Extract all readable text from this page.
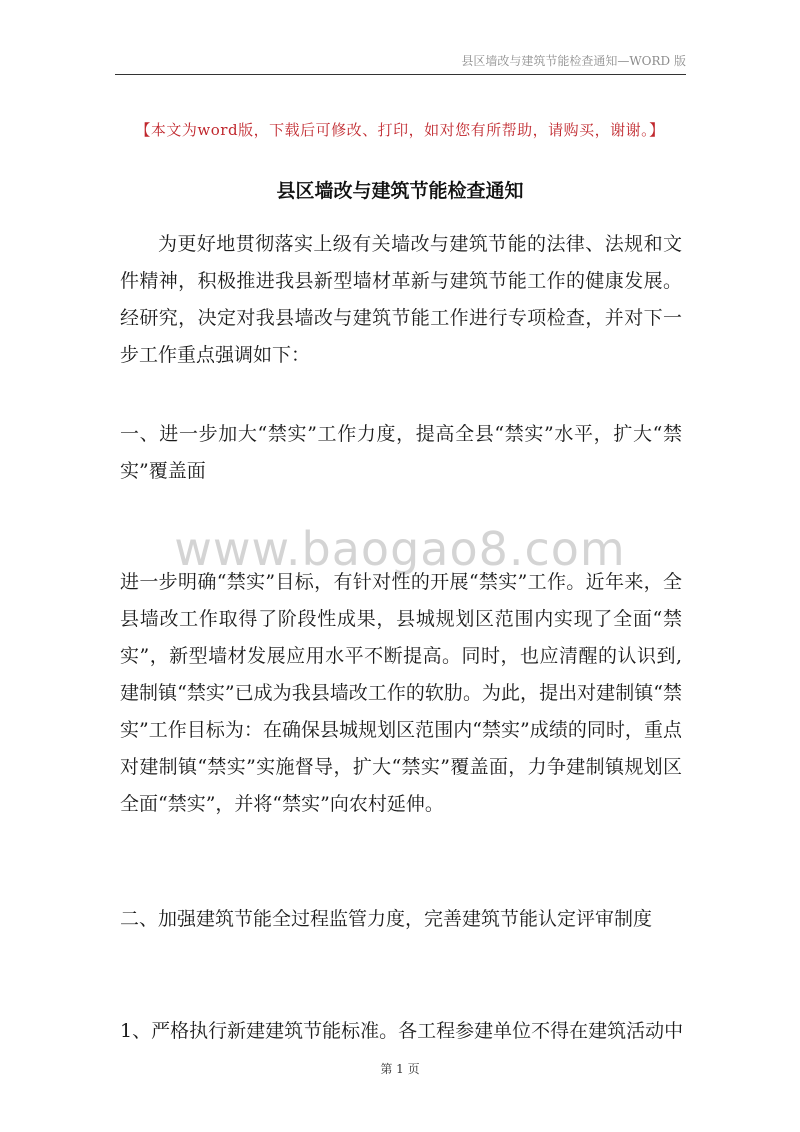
县区墙改与建筑节能检查通知—WORD 版
【本文为word版，下载后可修改、打印，如对您有所帮助，请购买，谢谢。】
县区墙改与建筑节能检查通知
为更好地贯彻落实上级有关墙改与建筑节能的法律、法规和文件精神，积极推进我县新型墙材革新与建筑节能工作的健康发展。经研究，决定对我县墙改与建筑节能工作进行专项检查，并对下一步工作重点强调如下：
一、进一步加大“禁实”工作力度，提高全县“禁实”水平，扩大“禁实”覆盖面
www.baogao8.com
进一步明确“禁实”目标，有针对性的开展“禁实”工作。近年来，全县墙改工作取得了阶段性成果，县城规划区范围内实现了全面“禁实”，新型墙材发展应用水平不断提高。同时，也应清醒的认识到,建制镇“禁实”已成为我县墙改工作的软肋。为此，提出对建制镇“禁实”工作目标为：在确保县城规划区范围内“禁实”成绩的同时，重点对建制镇“禁实”实施督导，扩大“禁实”覆盖面，力争建制镇规划区全面“禁实”，并将“禁实”向农村延伸。
二、加强建筑节能全过程监管力度，完善建筑节能认定评审制度
1、严格执行新建建筑节能标准。各工程参建单位不得在建筑活动中
第 1 页
